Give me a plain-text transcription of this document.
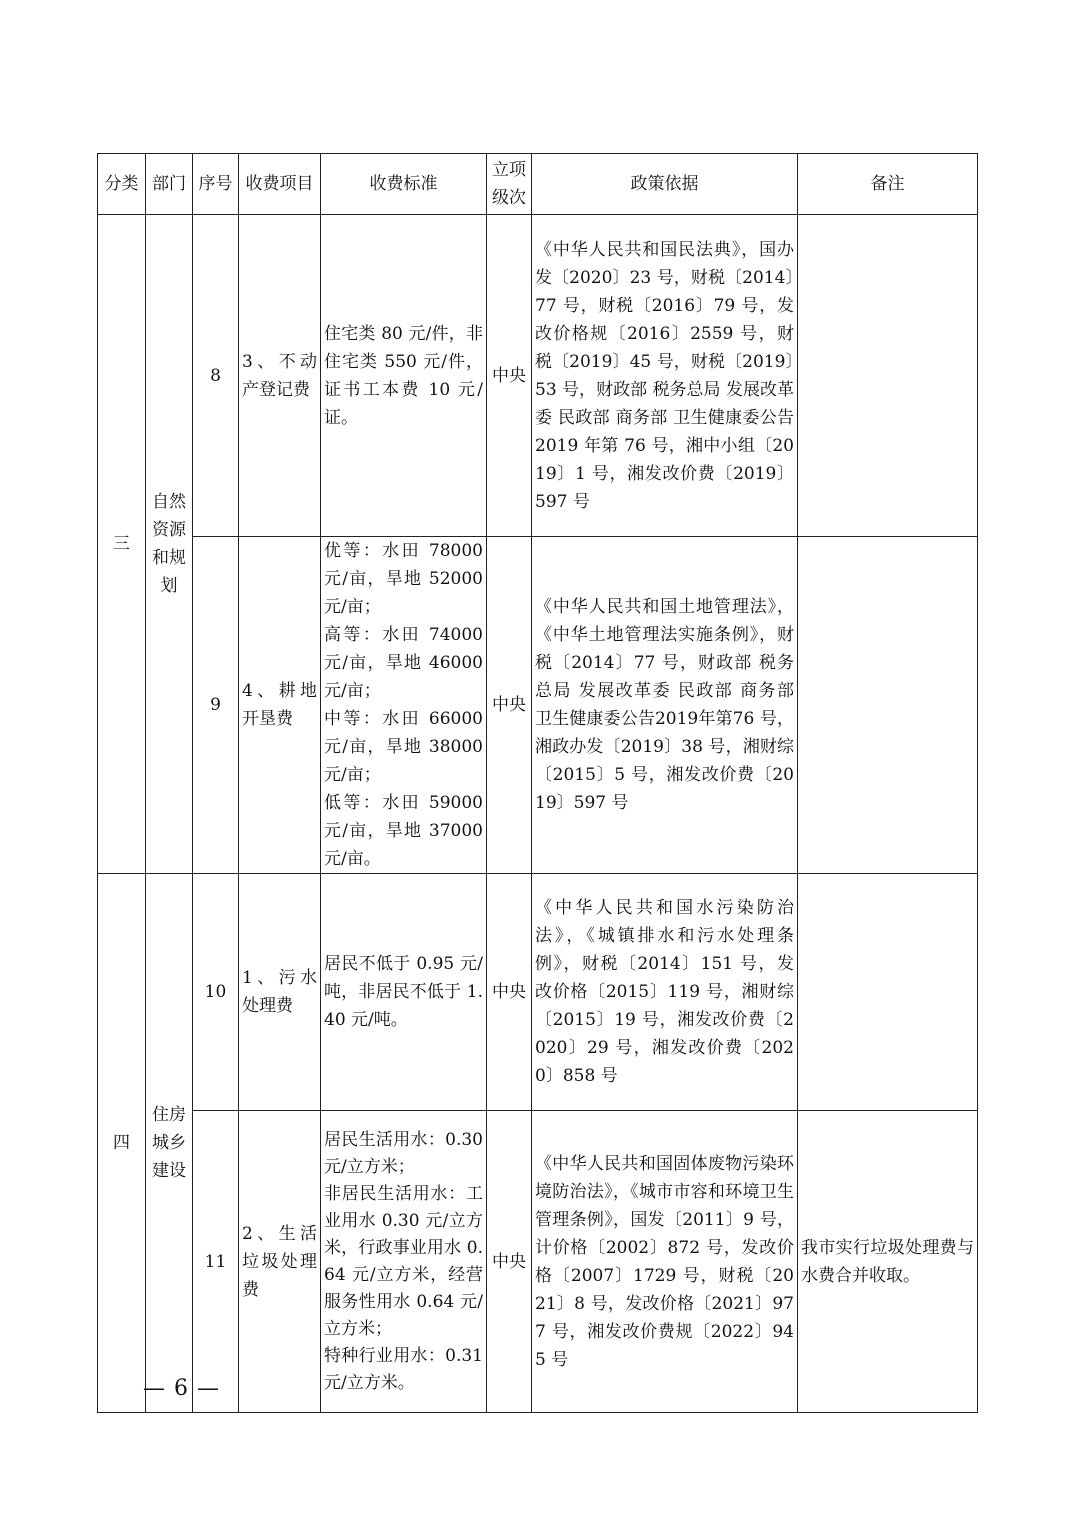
分类	部门	序号	收费项目	收费标准	立项级次	政策依据	备注
三	自然资源和规划	8	3、不动产登记费	住宅类 80 元/件，非住宅类 550 元/件，证书工本费 10 元/证。	中央	《中华人民共和国民法典》，国办发〔2020〕23 号，财税〔2014〕77 号，财税〔2016〕79 号，发改价格规〔2016〕2559 号，财税〔2019〕45 号，财税〔2019〕53 号，财政部 税务总局 发展改革委 民政部 商务部 卫生健康委公告 2019 年第 76 号，湘中小组〔2019〕1 号，湘发改价费〔2019〕597 号	
		9	4、耕地开垦费	优等：水田 78000 元/亩，旱地 52000 元/亩；
高等：水田 74000 元/亩，旱地 46000 元/亩；
中等：水田 66000 元/亩，旱地 38000 元/亩；
低等：水田 59000 元/亩，旱地 37000 元/亩。	中央	《中华人民共和国土地管理法》，《中华土地管理法实施条例》，财税〔2014〕77 号，财政部 税务总局 发展改革委 民政部 商务部 卫生健康委公告2019年第76 号，湘政办发〔2019〕38 号，湘财综〔2015〕5 号，湘发改价费〔2019〕597 号	
四	住房城乡建设	10	1、污水处理费	居民不低于 0.95 元/吨，非居民不低于 1.40 元/吨。	中央	《中华人民共和国水污染防治法》，《城镇排水和污水处理条例》，财税〔2014〕151 号，发改价格〔2015〕119 号，湘财综〔2015〕19 号，湘发改价费〔2020〕29 号，湘发改价费〔2020〕858 号	
		11	2、生活垃圾处理费	居民生活用水：0.30 元/立方米；
非居民生活用水：工业用水 0.30 元/立方米，行政事业用水 0.64 元/立方米，经营服务性用水 0.64 元/立方米；
特种行业用水：0.31 元/立方米。	中央	《中华人民共和国固体废物污染环境防治法》，《城市市容和环境卫生管理条例》，国发〔2011〕9 号，计价格〔2002〕872 号，发改价格〔2007〕1729 号，财税〔2021〕8 号，发改价格〔2021〕977 号，湘发改价费规〔2022〕945 号	我市实行垃圾处理费与水费合并收取。
— 6 —
